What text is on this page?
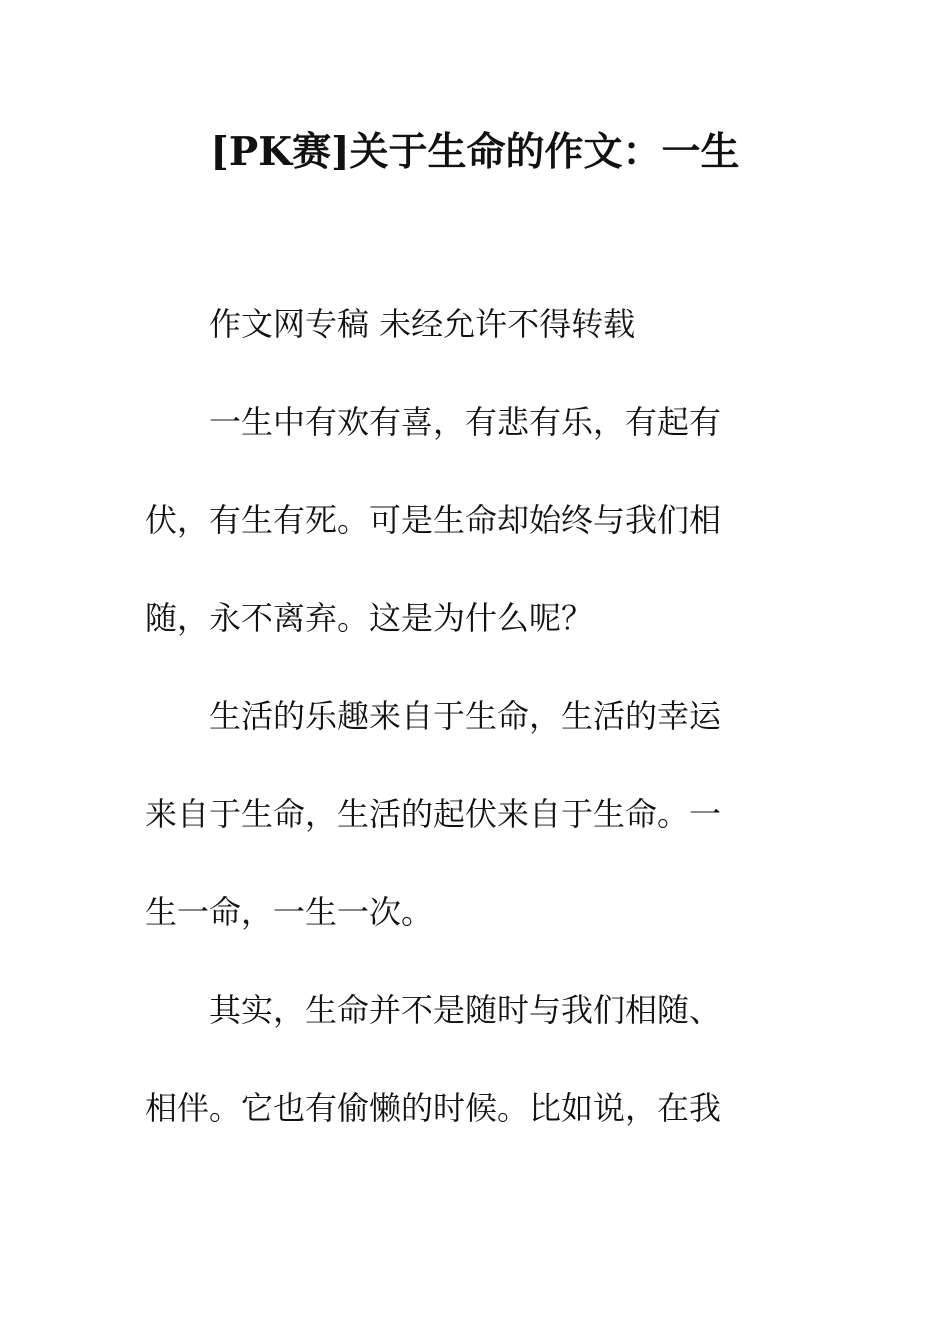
[PK赛]关于生命的作文：一生
作文网专稿 未经允许不得转载
一生中有欢有喜，有悲有乐，有起有
伏，有生有死。可是生命却始终与我们相
随，永不离弃。这是为什么呢？
生活的乐趣来自于生命，生活的幸运
来自于生命，生活的起伏来自于生命。一
生一命，一生一次。
其实，生命并不是随时与我们相随、
相伴。它也有偷懒的时候。比如说，在我
